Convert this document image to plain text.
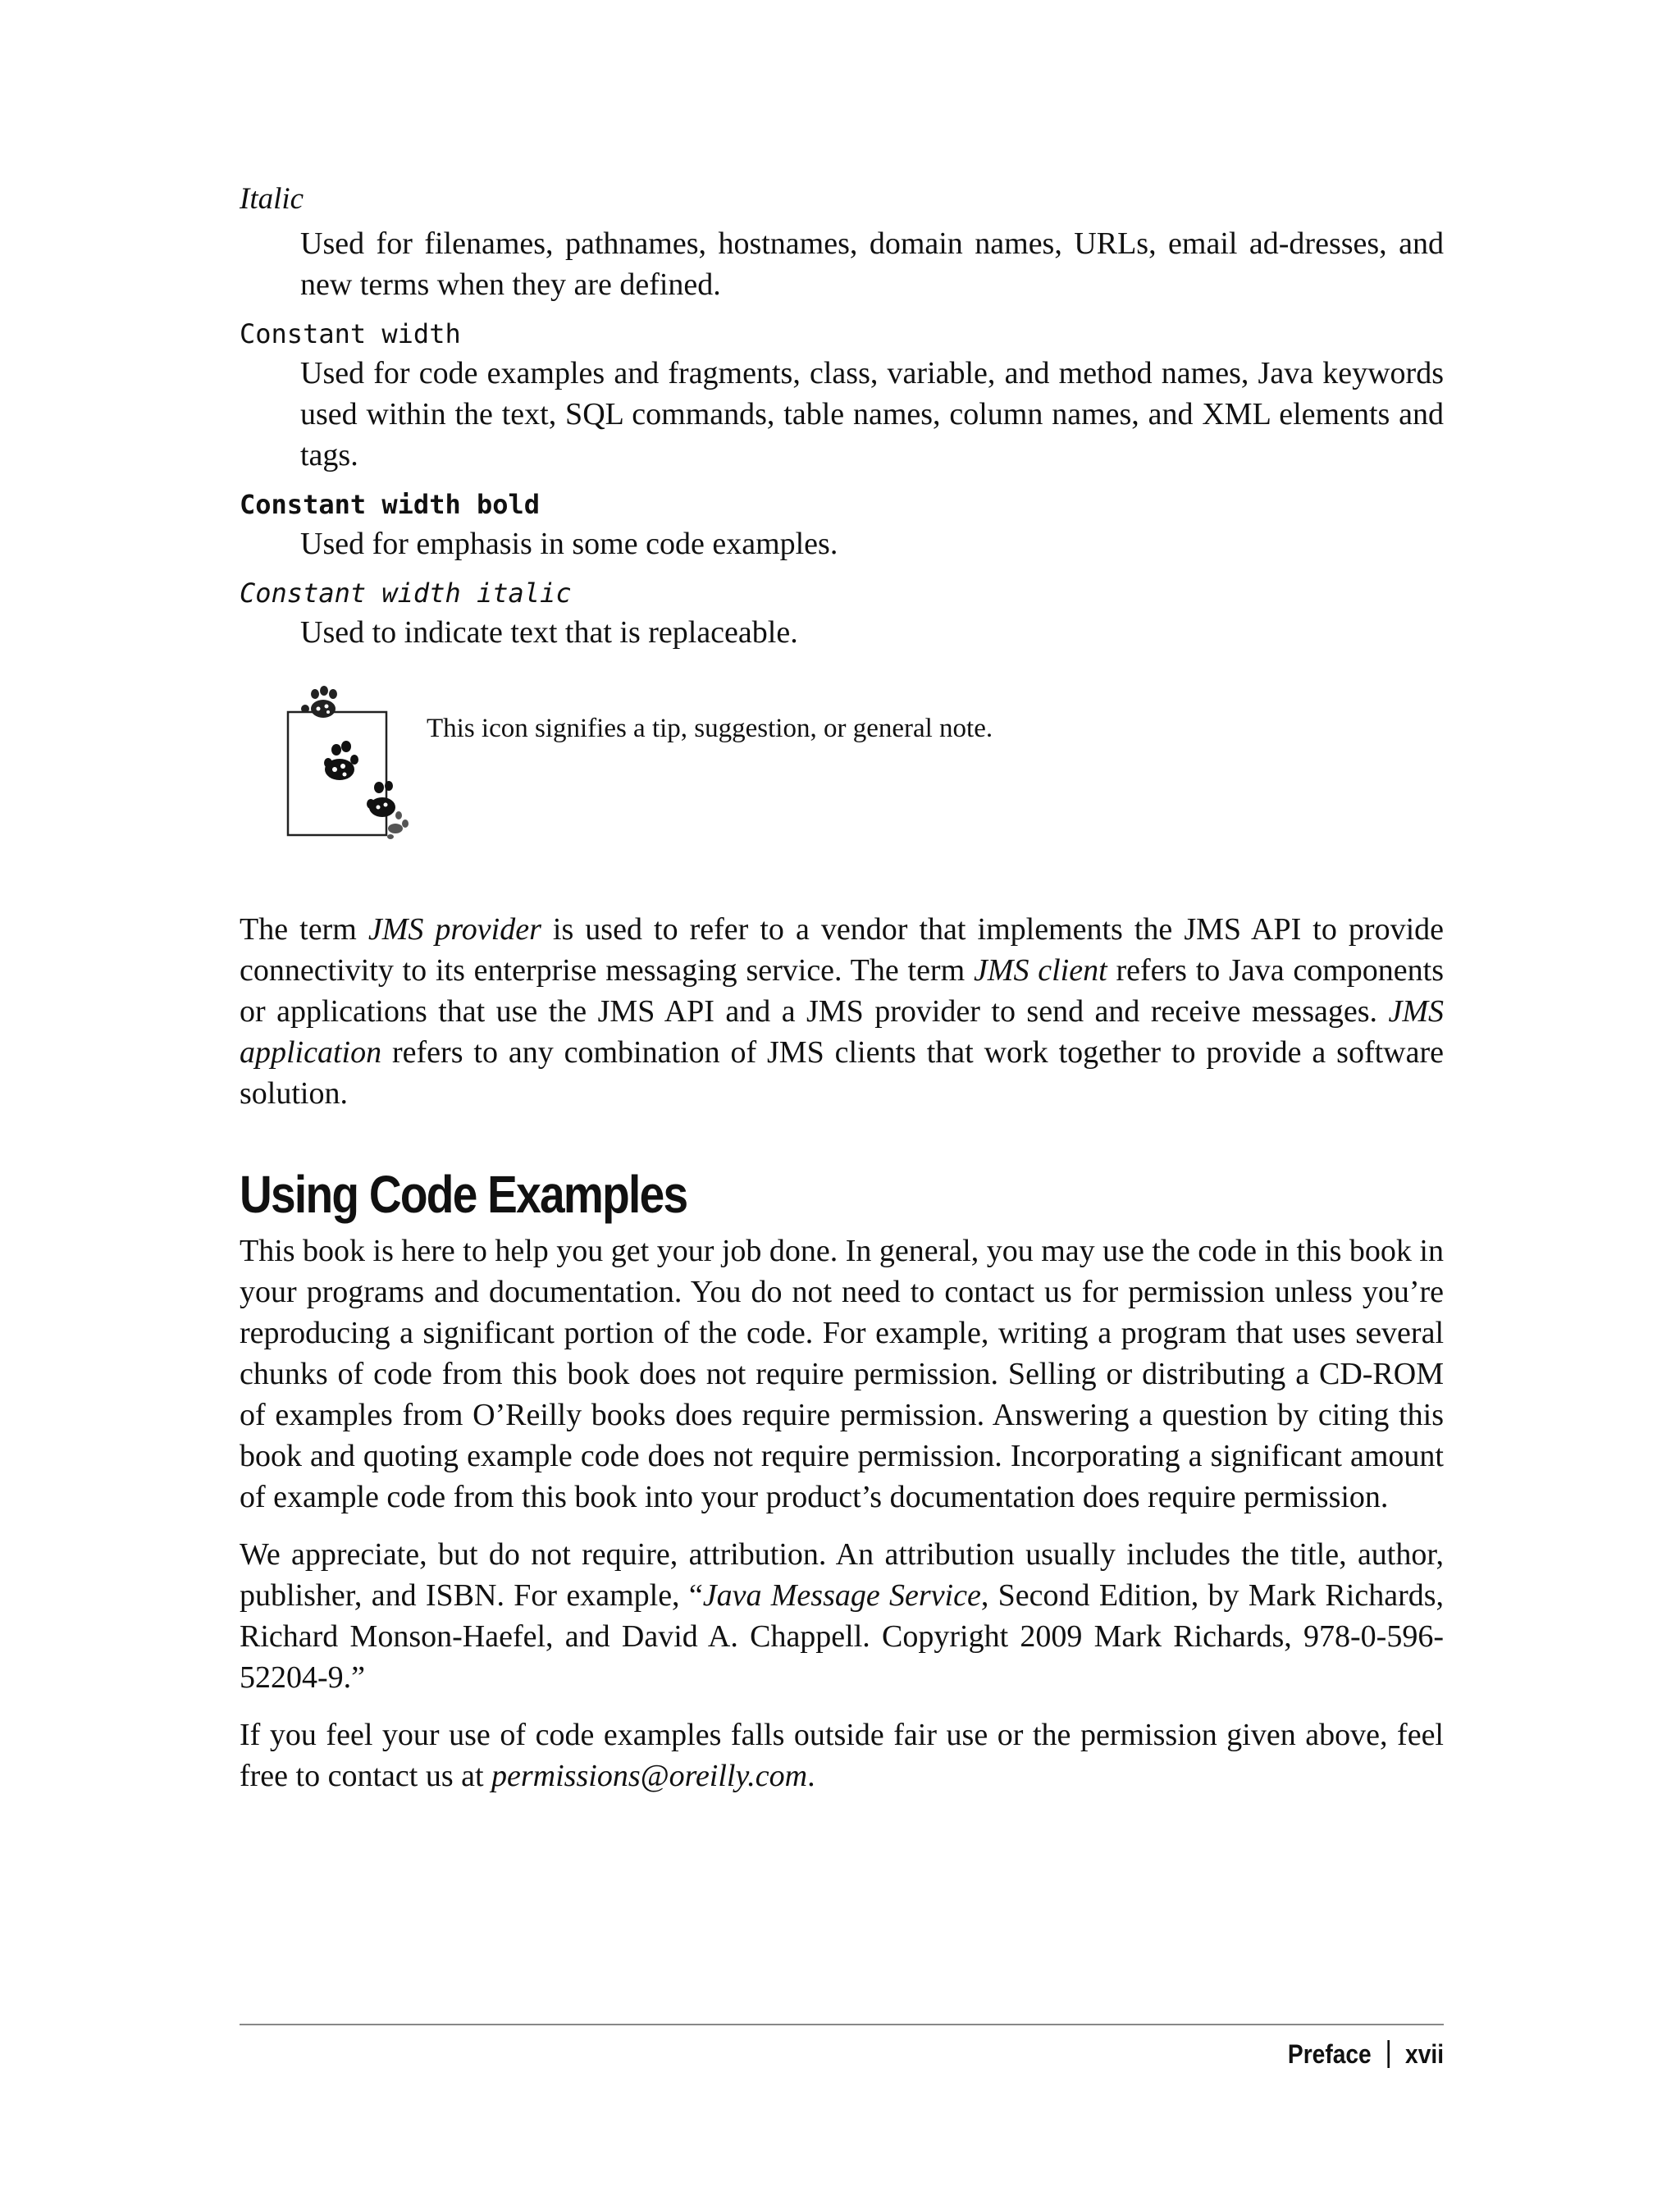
Italic

Used for filenames, pathnames, hostnames, domain names, URLs, email ad-dresses, and new terms when they are defined.

Constant width

Used for code examples and fragments, class, variable, and method names, Java keywords used within the text, SQL commands, table names, column names, and XML elements and tags.

Constant width bold

Used for emphasis in some code examples.

Constant width italic

Used to indicate text that is replaceable.

This icon signifies a tip, suggestion, or general note.

The term JMS provider is used to refer to a vendor that implements the JMS API to provide connectivity to its enterprise messaging service. The term JMS client refers to Java components or applications that use the JMS API and a JMS provider to send and receive messages. JMS application refers to any combination of JMS clients that work together to provide a software solution.

Using Code Examples

This book is here to help you get your job done. In general, you may use the code in this book in your programs and documentation. You do not need to contact us for permission unless you’re reproducing a significant portion of the code. For example, writing a program that uses several chunks of code from this book does not require permission. Selling or distributing a CD-ROM of examples from O’Reilly books does require permission. Answering a question by citing this book and quoting example code does not require permission. Incorporating a significant amount of example code from this book into your product’s documentation does require permission.

We appreciate, but do not require, attribution. An attribution usually includes the title, author, publisher, and ISBN. For example, “Java Message Service, Second Edition, by Mark Richards, Richard Monson-Haefel, and David A. Chappell. Copyright 2009 Mark Richards, 978-0-596-52204-9.”

If you feel your use of code examples falls outside fair use or the permission given above, feel free to contact us at permissions@oreilly.com.

Preface xvii
